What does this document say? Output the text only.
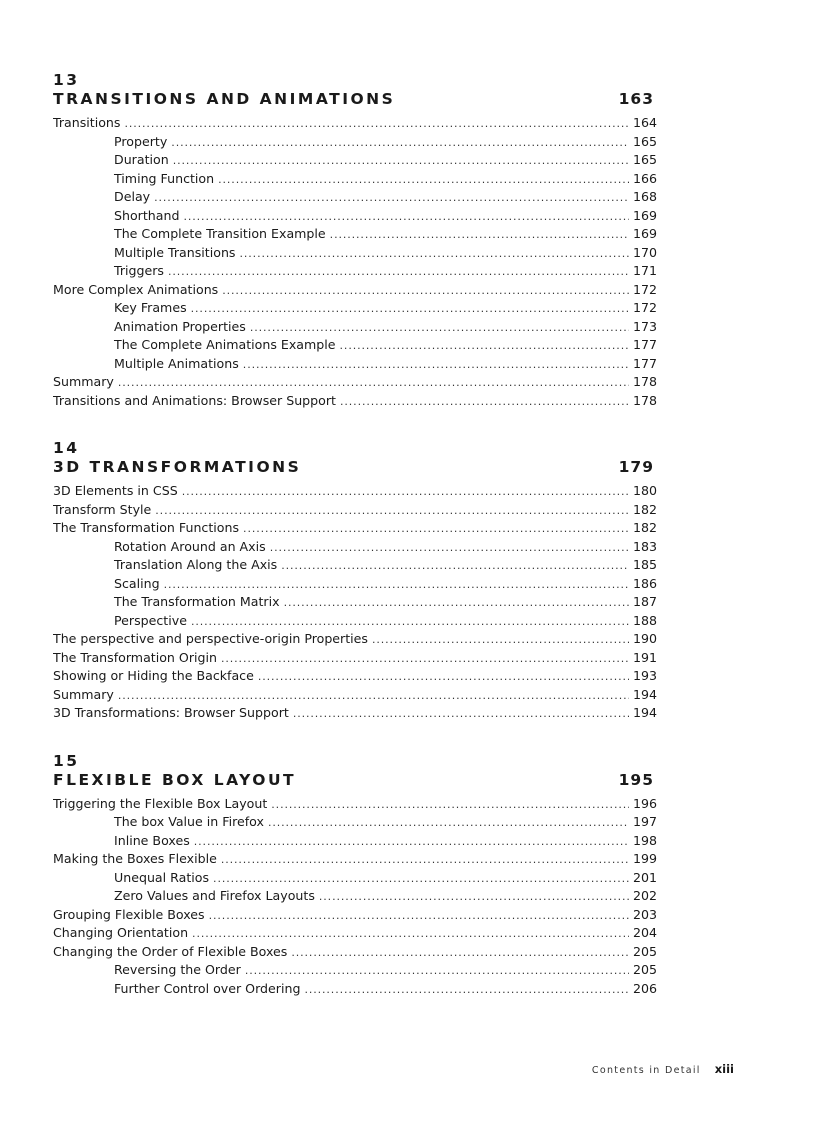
13
TRANSITIONS AND ANIMATIONS	163
Transitions . . .	164
Property . . .	165
Duration . . .	165
Timing Function . . .	166
Delay . . .	168
Shorthand . . .	169
The Complete Transition Example . . .	169
Multiple Transitions . . .	170
Triggers . . .	171
More Complex Animations . . .	172
Key Frames . . .	172
Animation Properties . . .	173
The Complete Animations Example . . .	177
Multiple Animations . . .	177
Summary . . .	178
Transitions and Animations: Browser Support . . .	178
14
3D TRANSFORMATIONS	179
3D Elements in CSS . . .	180
Transform Style . . .	182
The Transformation Functions . . .	182
Rotation Around an Axis . . .	183
Translation Along the Axis . . .	185
Scaling . . .	186
The Transformation Matrix . . .	187
Perspective . . .	188
The perspective and perspective-origin Properties . . .	190
The Transformation Origin . . .	191
Showing or Hiding the Backface . . .	193
Summary . . .	194
3D Transformations: Browser Support . . .	194
15
FLEXIBLE BOX LAYOUT	195
Triggering the Flexible Box Layout . . .	196
The box Value in Firefox . . .	197
Inline Boxes . . .	198
Making the Boxes Flexible . . .	199
Unequal Ratios . . .	201
Zero Values and Firefox Layouts . . .	202
Grouping Flexible Boxes . . .	203
Changing Orientation . . .	204
Changing the Order of Flexible Boxes . . .	205
Reversing the Order . . .	205
Further Control over Ordering . . .	206
Contents in Detail xiii
